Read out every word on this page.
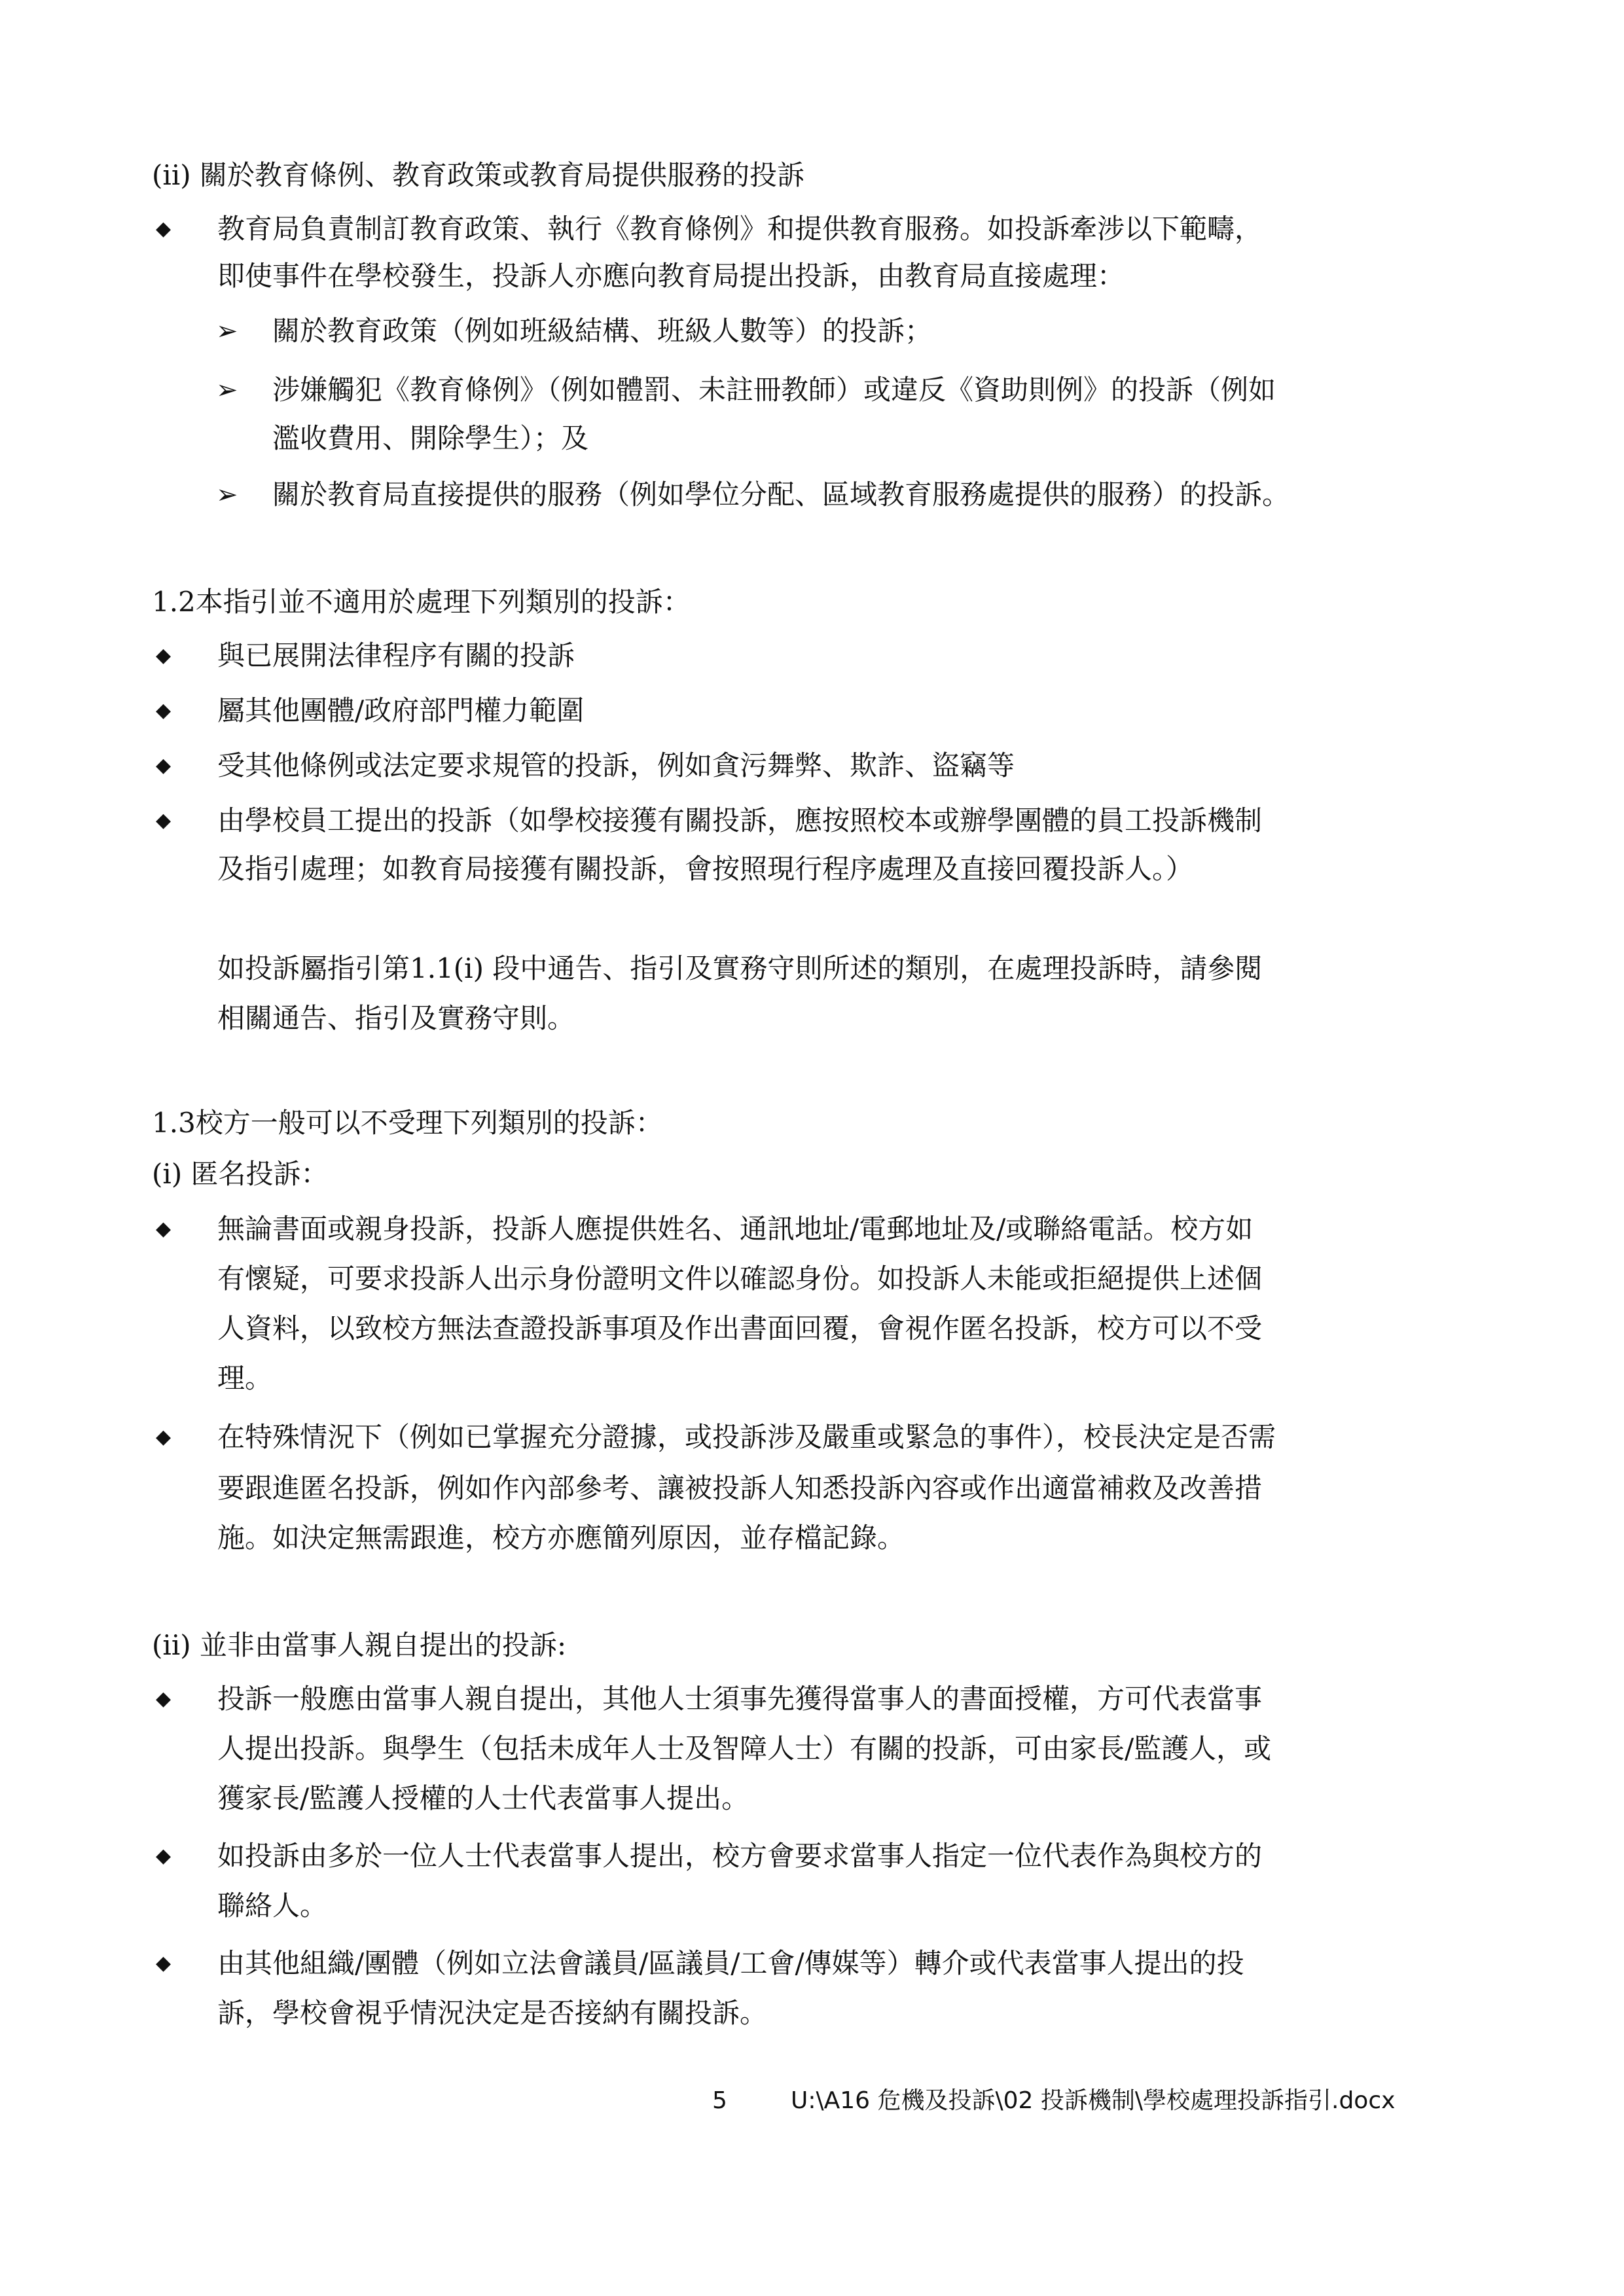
(ii) 關於教育條例、教育政策或教育局提供服務的投訴
◆ 教育局負責制訂教育政策、執行《教育條例》和提供教育服務。如投訴牽涉以下範疇，
即使事件在學校發生，投訴人亦應向教育局提出投訴，由教育局直接處理：
➢ 關於教育政策（例如班級結構、班級人數等）的投訴；
➢ 涉嫌觸犯《教育條例》（例如體罰、未註冊教師）或違反《資助則例》的投訴（例如
濫收費用、開除學生）；及
➢ 關於教育局直接提供的服務（例如學位分配、區域教育服務處提供的服務）的投訴。
1.2本指引並不適用於處理下列類別的投訴：
◆ 與已展開法律程序有關的投訴
◆ 屬其他團體/政府部門權力範圍
◆ 受其他條例或法定要求規管的投訴，例如貪污舞弊、欺詐、盜竊等
◆ 由學校員工提出的投訴（如學校接獲有關投訴，應按照校本或辦學團體的員工投訴機制
及指引處理；如教育局接獲有關投訴，會按照現行程序處理及直接回覆投訴人。）
如投訴屬指引第1.1(i) 段中通告、指引及實務守則所述的類別，在處理投訴時，請參閱
相關通告、指引及實務守則。
1.3校方一般可以不受理下列類別的投訴：
(i) 匿名投訴：
◆ 無論書面或親身投訴，投訴人應提供姓名、通訊地址/電郵地址及/或聯絡電話。校方如
有懷疑，可要求投訴人出示身份證明文件以確認身份。如投訴人未能或拒絕提供上述個
人資料，以致校方無法查證投訴事項及作出書面回覆，會視作匿名投訴，校方可以不受
理。
◆ 在特殊情況下（例如已掌握充分證據，或投訴涉及嚴重或緊急的事件），校長決定是否需
要跟進匿名投訴，例如作內部參考、讓被投訴人知悉投訴內容或作出適當補救及改善措
施。如決定無需跟進，校方亦應簡列原因，並存檔記錄。
(ii) 並非由當事人親自提出的投訴:
◆ 投訴一般應由當事人親自提出，其他人士須事先獲得當事人的書面授權，方可代表當事
人提出投訴。與學生（包括未成年人士及智障人士）有關的投訴，可由家長/監護人，或
獲家長/監護人授權的人士代表當事人提出。
◆ 如投訴由多於一位人士代表當事人提出，校方會要求當事人指定一位代表作為與校方的
聯絡人。
◆ 由其他組織/團體（例如立法會議員/區議員/工會/傳媒等）轉介或代表當事人提出的投
訴，學校會視乎情況決定是否接納有關投訴。
5	U:\A16 危機及投訴\02 投訴機制\學校處理投訴指引.docx
